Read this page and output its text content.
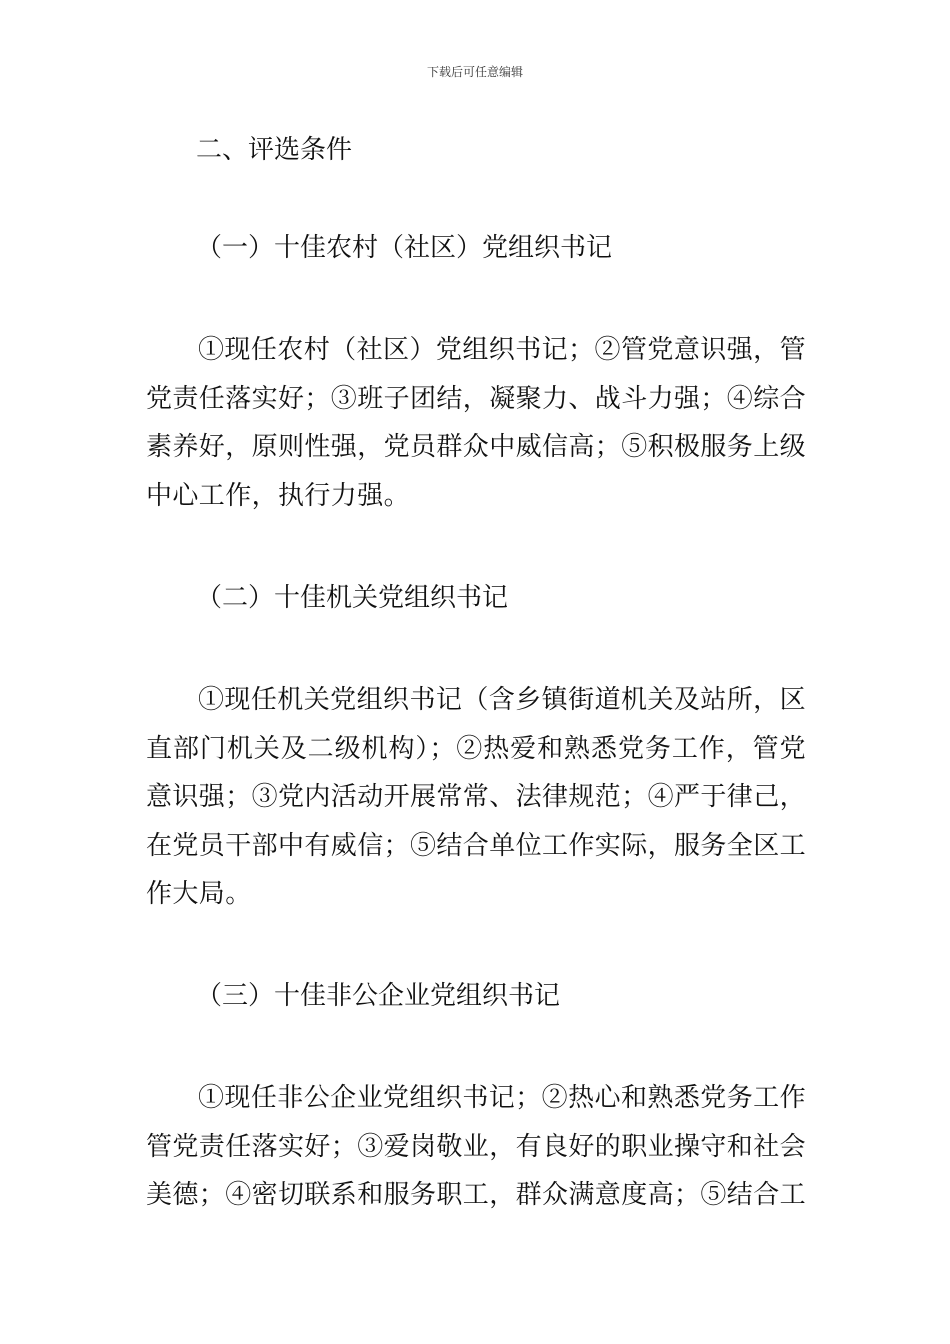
下载后可任意编辑
二、评选条件
（一）十佳农村（社区）党组织书记

①现任农村（社区）党组织书记；②管党意识强，管党责任落实好；③班子团结，凝聚力、战斗力强；④综合素养好，原则性强，党员群众中威信高；⑤积极服务上级中心工作，执行力强。

（二）十佳机关党组织书记

①现任机关党组织书记（含乡镇街道机关及站所，区直部门机关及二级机构）；②热爱和熟悉党务工作，管党意识强；③党内活动开展常常、法律规范；④严于律己，在党员干部中有威信；⑤结合单位工作实际，服务全区工作大局。

（三）十佳非公企业党组织书记

①现任非公企业党组织书记；②热心和熟悉党务工作管党责任落实好；③爱岗敬业，有良好的职业操守和社会美德；④密切联系和服务职工，群众满意度高；⑤结合工
